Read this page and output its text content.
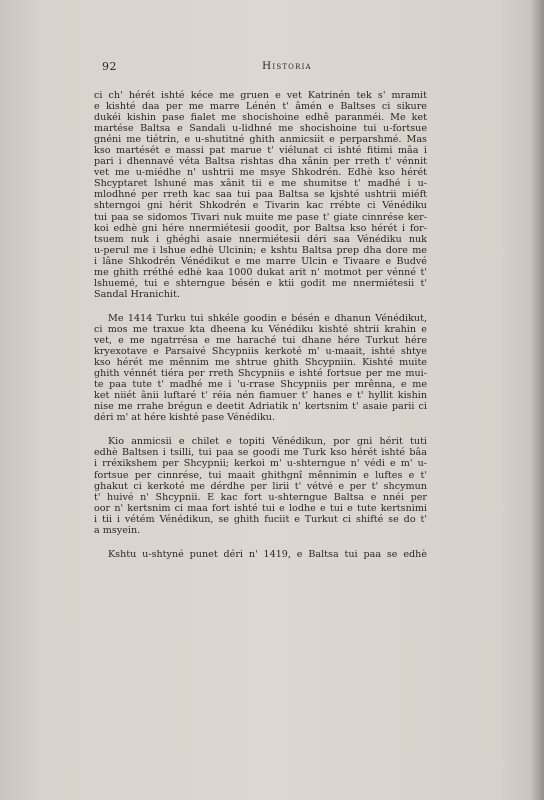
92	Historia
ci ch' hérét ishté kéce me gruen e vet Katrinén tek s' mramit
e kishté daa per me marre Lénén t' âmén e Baltses ci sikure
dukéi kishin pase fialet me shocishoine edhê paranméi. Me ket
martése Baltsa e Sandali u-lidhné me shocishoine tui u-fortsue
gnéni me tiétrin, e u-shutitné ghith anmicsiit e perparshmé. Mas
kso martését e massi pat marue t' viélunat ci ishté fitimi mâa i
pari i dhennavé véta Baltsa rishtas dha xânin per rreth t' vénnit
vet me u-miédhe n' ushtrii me msye Shkodrén. Edhè kso hérét
Shcyptaret lshuné mas xânit tii e me shumitse t' madhé i u-
mlodhné per rreth kac saa tui paa Baltsa se kjshté ushtrii miéft
shterngoi gni hérit Shkodrén e Tivarin kac rrébte ci Vénédiku
tui paa se sidomos Tivari nuk muite me pase t' giate cinnrése ker-
koi edhè gni hére nnermiétesii goodit, por Baltsa kso hérét i for-
tsuem nuk i ghéghi asaie nnermiétesii déri saa Vénédiku nuk
u-perul me i lshue edhè Ulcinin; e kshtu Baltsa prep dha dore me
i lâne Shkodrén Vénédikut e me marre Ulcin e Tivaare e Budvé
me ghith rréthé edhè kaa 1000 dukat arit n' motmot per vénné t'
lshuemé, tui e shterngue bésén e ktii godit me nnermiétesii t'
Sandal Hranichit.
Me 1414 Turku tui shkéle goodin e bésén e dhanun Vénédikut,
ci mos me traxue kta dheena ku Vénédiku kishté shtrii krahin e
vet, e me ngatrrésa e me haraché tui dhane hére Turkut hére
kryexotave e Parsaivé Shcypniis kerkoté m' u-maait, ishté shtye
kso hérét me mênnim me shtrue ghith Shcypniin. Kishté muite
ghith vénnét tiéra per rreth Shcypniis e ishté fortsue per me mui-
te paa tute t' madhé me i 'u-rrase Shcypniis per mrênna, e me
ket niiét ânii luftaré t' réia nén fiamuer t' hanes e t' hyllit kishin
nise me rrahe brégun e deetit Adriatik n' kertsnim t' asaie parii ci
déri m' at hére kishté pase Vénédiku.
Kio anmicsii e chilet e topiti Vénédikun, por gni hérit tuti
edhè Baltsen i tsilli, tui paa se goodi me Turk kso hérét ishté bâa
i rréxikshem per Shcypnii; kerkoi m' u-shterngue n' védi e m' u-
fortsue per cinnrése, tui maait ghithgnî mênnimin e luftes e t'
ghakut ci kerkoté me dérdhe per lirii t' vétvé e per t' shcymun
t' huivé n' Shcypnii. E kac fort u-shterngue Baltsa e nnéi per
oor n' kertsnim ci maa fort ishté tui e lodhe e tui e tute kertsnimi
i tii i vétém Vénédikun, se ghith fuciit e Turkut ci shifté se do t'
a msyein.
Kshtu u-shtyné punet déri n' 1419, e Baltsa tui paa se edhè
